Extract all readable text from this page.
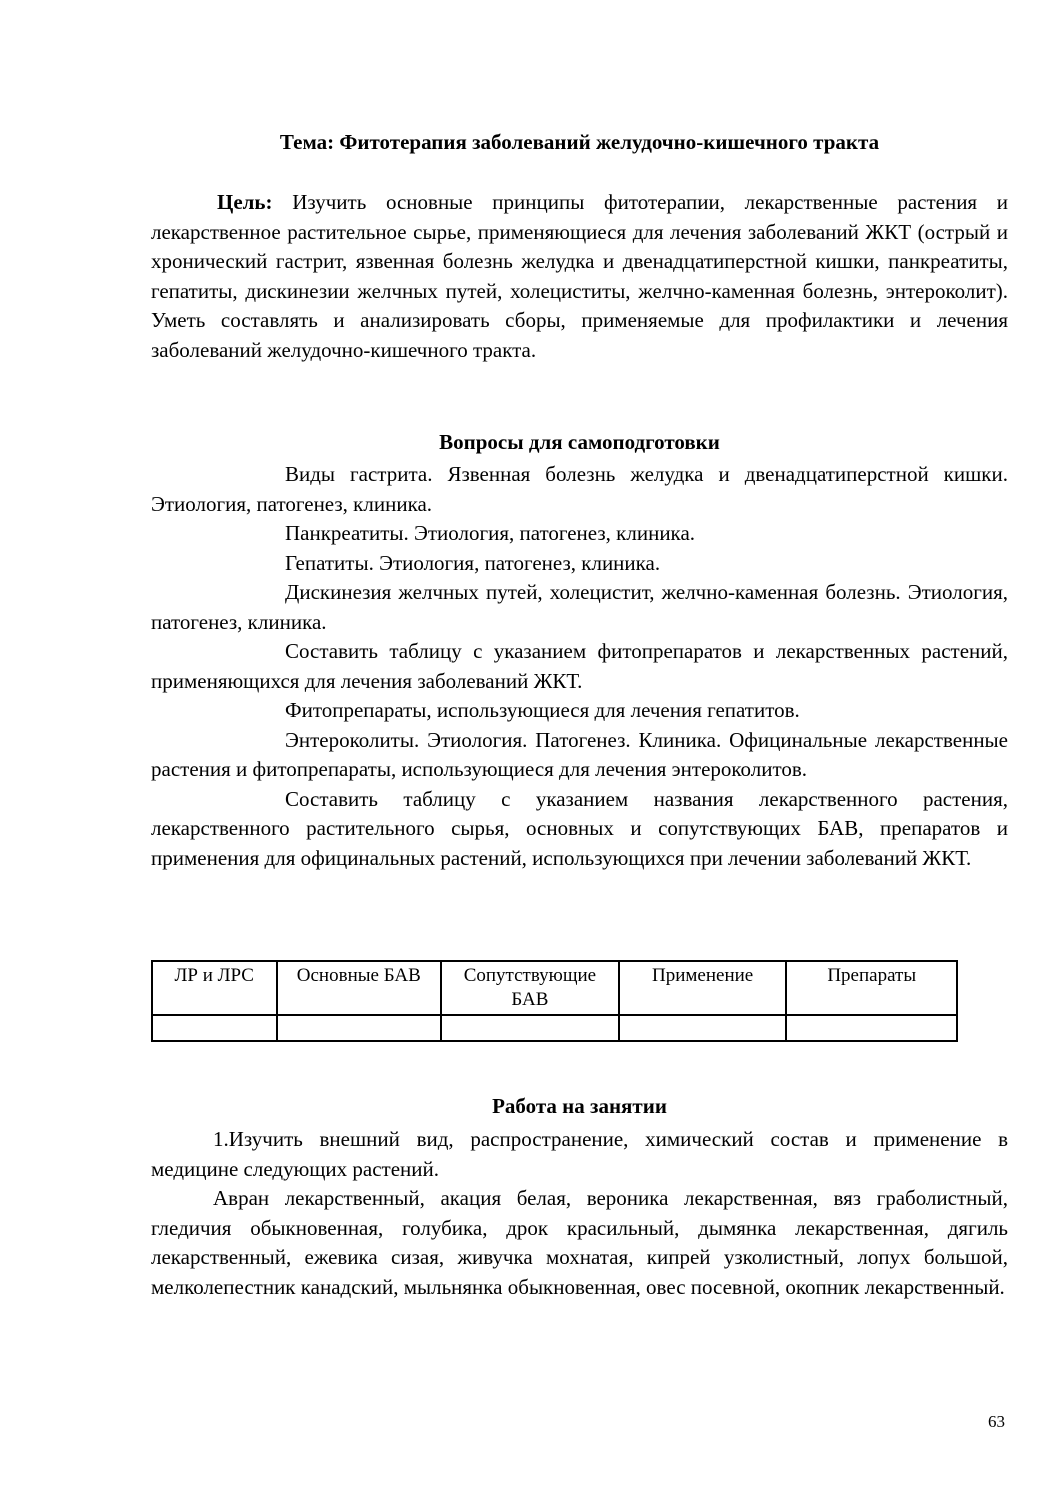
Тема: Фитотерапия заболеваний желудочно-кишечного тракта

Цель: Изучить основные принципы фитотерапии, лекарственные растения и лекарственное растительное сырье, применяющиеся для лечения заболеваний ЖКТ (острый и хронический гастрит, язвенная болезнь желудка и двенадцатиперстной кишки, панкреатиты, гепатиты, дискинезии желчных путей, холециститы, желчно-каменная болезнь, энтероколит). Уметь составлять и анализировать сборы, применяемые для профилактики и лечения заболеваний желудочно-кишечного тракта.

Вопросы для самоподготовки

Виды гастрита. Язвенная болезнь желудка и двенадцатиперстной кишки. Этиология, патогенез, клиника.

Панкреатиты. Этиология, патогенез, клиника.

Гепатиты. Этиология, патогенез, клиника.

Дискинезия желчных путей, холецистит, желчно-каменная болезнь. Этиология, патогенез, клиника.

Составить таблицу с указанием фитопрепаратов и лекарственных растений, применяющихся для лечения заболеваний ЖКТ.

Фитопрепараты, использующиеся для лечения гепатитов.

Энтероколиты. Этиология. Патогенез. Клиника. Официнальные лекарственные растения и фитопрепараты, использующиеся для лечения энтероколитов.

Составить таблицу с указанием названия лекарственного растения, лекарственного растительного сырья, основных и сопутствующих БАВ, препаратов и применения для официнальных растений, использующихся при лечении заболеваний ЖКТ.

ЛР и ЛРС	Основные БАВ	Сопутствующие БАВ	Применение	Препараты

Работа на занятии

1.Изучить внешний вид, распространение, химический состав и применение в медицине следующих растений.

Авран лекарственный, акация белая, вероника лекарственная, вяз граболистный, гледичия обыкновенная, голубика, дрок красильный, дымянка лекарственная, дягиль лекарственный, ежевика сизая, живучка мохнатая, кипрей узколистный, лопух большой, мелколепестник канадский, мыльнянка обыкновенная, овес посевной, окопник лекарственный.

63
